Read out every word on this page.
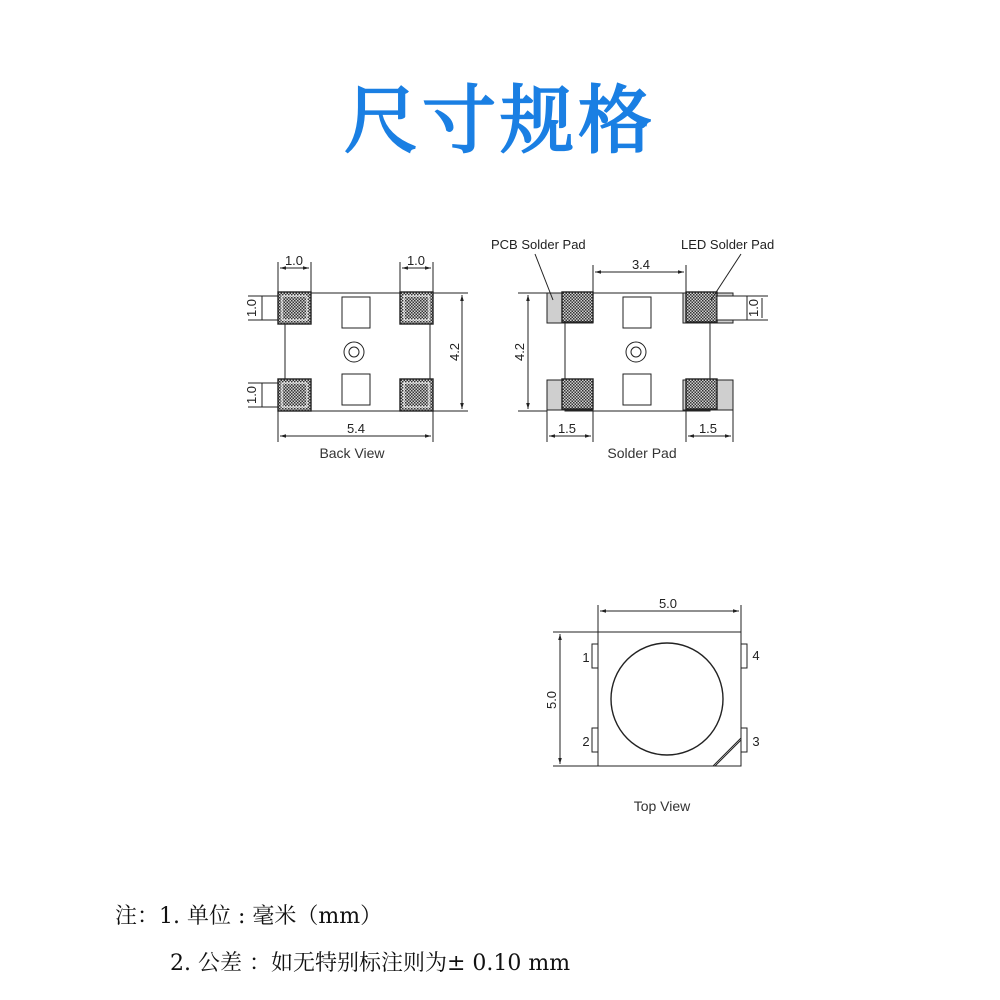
尺寸规格
1.0	1.0
1.0
1.0
4.2
5.4
Back View
PCB Solder Pad	LED Solder Pad
3.4
4.2
1.0
1.5	1.5
Solder Pad
5.0
5.0
1
2	3
4
Top View
注：1. 单位 : 毫米（mm）
2. 公差 ：如无特别标注则为± 0.10 mm
